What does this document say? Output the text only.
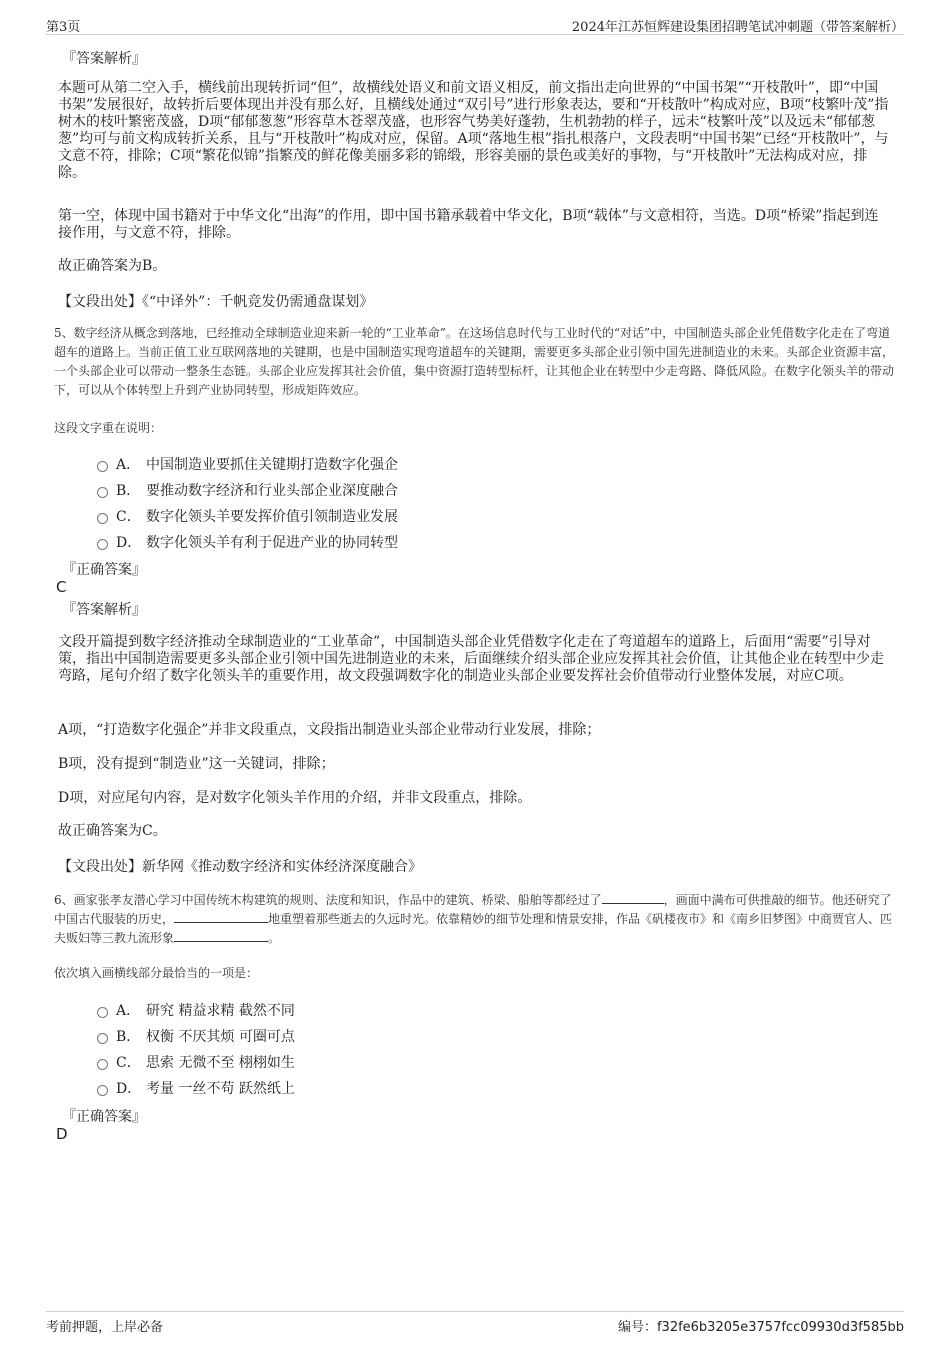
第3页	2024年江苏恒辉建设集团招聘笔试冲刺题（带答案解析）
『答案解析』
本题可从第二空入手，横线前出现转折词“但”，故横线处语义和前文语义相反，前文指出走向世界的“中国书架”“开枝散叶”，即“中国书架”发展很好，故转折后要体现出并没有那么好，且横线处通过“双引号”进行形象表达，要和“开枝散叶”构成对应，B项“枝繁叶茂”指树木的枝叶繁密茂盛，D项“郁郁葱葱”形容草木苍翠茂盛，也形容气势美好蓬勃，生机勃勃的样子，远未“枝繁叶茂”以及远未“郁郁葱葱”均可与前文构成转折关系，且与“开枝散叶”构成对应，保留。A项“落地生根”指扎根落户，文段表明“中国书架”已经“开枝散叶”，与文意不符，排除；C项“繁花似锦”指繁茂的鲜花像美丽多彩的锦缎，形容美丽的景色或美好的事物，与“开枝散叶”无法构成对应，排除。
第一空，体现中国书籍对于中华文化“出海”的作用，即中国书籍承载着中华文化，B项“载体”与文意相符，当选。D项“桥梁”指起到连接作用，与文意不符，排除。
故正确答案为B。
【文段出处】《“中译外”：千帆竞发仍需通盘谋划》
5、数字经济从概念到落地，已经推动全球制造业迎来新一轮的“工业革命”。在这场信息时代与工业时代的“对话”中，中国制造头部企业凭借数字化走在了弯道超车的道路上。当前正值工业互联网落地的关键期，也是中国制造实现弯道超车的关键期，需要更多头部企业引领中国先进制造业的未来。头部企业资源丰富，一个头部企业可以带动一整条生态链。头部企业应发挥其社会价值，集中资源打造转型标杆，让其他企业在转型中少走弯路、降低风险。在数字化领头羊的带动下，可以从个体转型上升到产业协同转型，形成矩阵效应。
这段文字重在说明：
A． 中国制造业要抓住关键期打造数字化强企
B． 要推动数字经济和行业头部企业深度融合
C． 数字化领头羊要发挥价值引领制造业发展
D． 数字化领头羊有利于促进产业的协同转型
『正确答案』
C
『答案解析』
文段开篇提到数字经济推动全球制造业的“工业革命”，中国制造头部企业凭借数字化走在了弯道超车的道路上，后面用“需要”引导对策，指出中国制造需要更多头部企业引领中国先进制造业的未来，后面继续介绍头部企业应发挥其社会价值，让其他企业在转型中少走弯路，尾句介绍了数字化领头羊的重要作用，故文段强调数字化的制造业头部企业要发挥社会价值带动行业整体发展，对应C项。
A项，“打造数字化强企”并非文段重点，文段指出制造业头部企业带动行业发展，排除；
B项，没有提到“制造业”这一关键词，排除；
D项，对应尾句内容，是对数字化领头羊作用的介绍，并非文段重点，排除。
故正确答案为C。
【文段出处】新华网《推动数字经济和实体经济深度融合》
6、画家张孝友潜心学习中国传统木构建筑的规则、法度和知识，作品中的建筑、桥梁、船舶等都经过了	，画面中满布可供推敲的细节。他还研究了中国古代服装的历史，	地重塑着那些逝去的久远时光。依靠精妙的细节处理和情景安排，作品《矾楼夜市》和《南乡旧梦图》中商贾官人、匹夫贩妇等三教九流形象	。
依次填入画横线部分最恰当的一项是：
A． 研究 精益求精 截然不同
B． 权衡 不厌其烦 可圈可点
C． 思索 无微不至 栩栩如生
D． 考量 一丝不苟 跃然纸上
『正确答案』
D
考前押题，上岸必备	编号：f32fe6b3205e3757fcc09930d3f585bb
